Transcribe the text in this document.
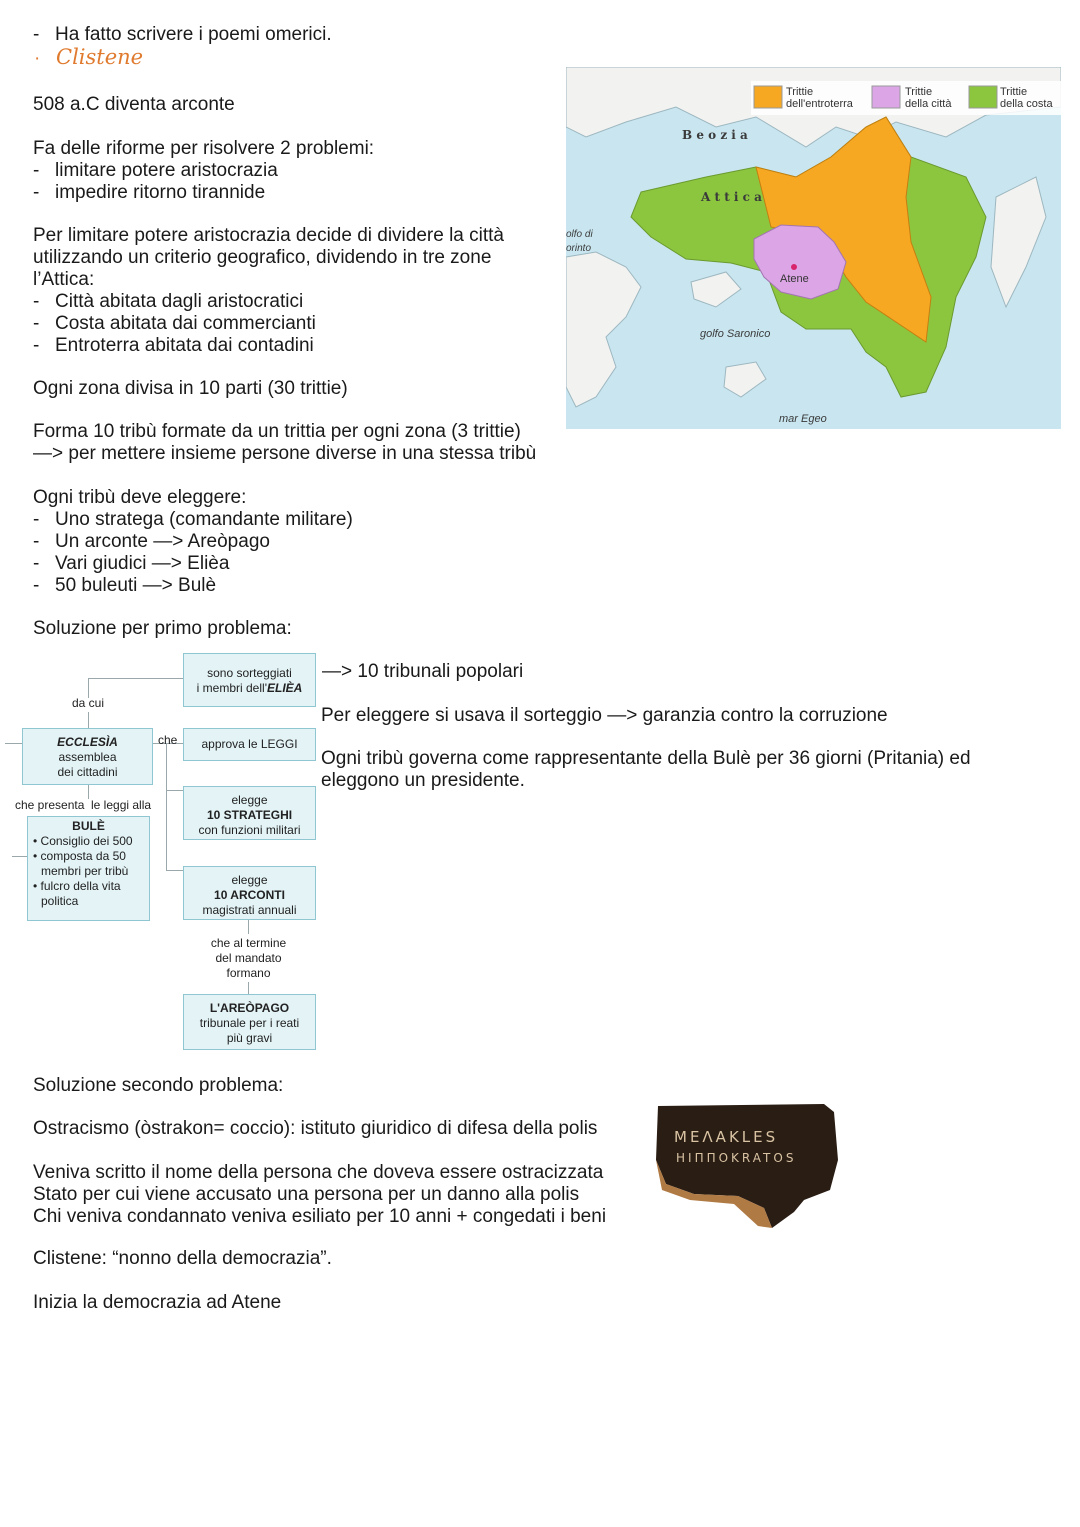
- Ha fatto scrivere i poemi omerici.
· Clistene
508 a.C diventa arconte
Fa delle riforme per risolvere 2 problemi:
- limitare potere aristocrazia
- impedire ritorno tirannide
Per limitare potere aristocrazia decide di dividere la città
utilizzando un criterio geografico, dividendo in tre zone
l’Attica:
- Città abitata dagli aristocratici
- Costa abitata dai commercianti
- Entroterra abitata dai contadini
Ogni zona divisa in 10 parti (30 trittie)
Forma 10 tribù formate da un trittia per ogni zona (3 trittie)
—> per mettere insieme persone diverse in una stessa tribù
Ogni tribù deve eleggere:
- Uno stratega (comandante militare)
- Un arconte —> Areòpago
- Vari giudici —> Elièa
- 50 buleuti —> Bulè
Soluzione per primo problema:
—> 10 tribunali popolari
Per eleggere si usava il sorteggio —> garanzia contro la corruzione
Ogni tribù governa come rappresentante della Bulè per 36 giorni (Pritania) ed
eleggono un presidente.
Soluzione secondo problema:
Ostracismo (òstrakon= coccio): istituto giuridico di difesa della polis
Veniva scritto il nome della persona che doveva essere ostracizzata
Stato per cui viene accusato una persona per un danno alla polis
Chi veniva condannato veniva esiliato per 10 anni + congedati i beni
Clistene: “nonno della democrazia”.
Inizia la democrazia ad Atene
Trittie
dell'entroterra
Trittie
della città
Trittie
della costa
B e o z i a
A t t i c a
olfo di
orinto
Atene
golfo Saronico
mar Egeo
da cui
ECCLESÌA
assemblea
dei cittadini
che
che presenta le leggi alla
BULÈ
• Consiglio dei 500
• composta da 50
membri per tribù
• fulcro della vita
politica
sono sorteggiati
i membri dell'ELIÈA
approva le LEGGI
elegge
10 STRATEGHI
con funzioni militari
elegge
10 ARCONTI
magistrati annuali
che al termine
del mandato
formano
L'AREÒPAGO
tribunale per i reati
più gravi
MEΛAKLES
HIΠΠOKRATOS
